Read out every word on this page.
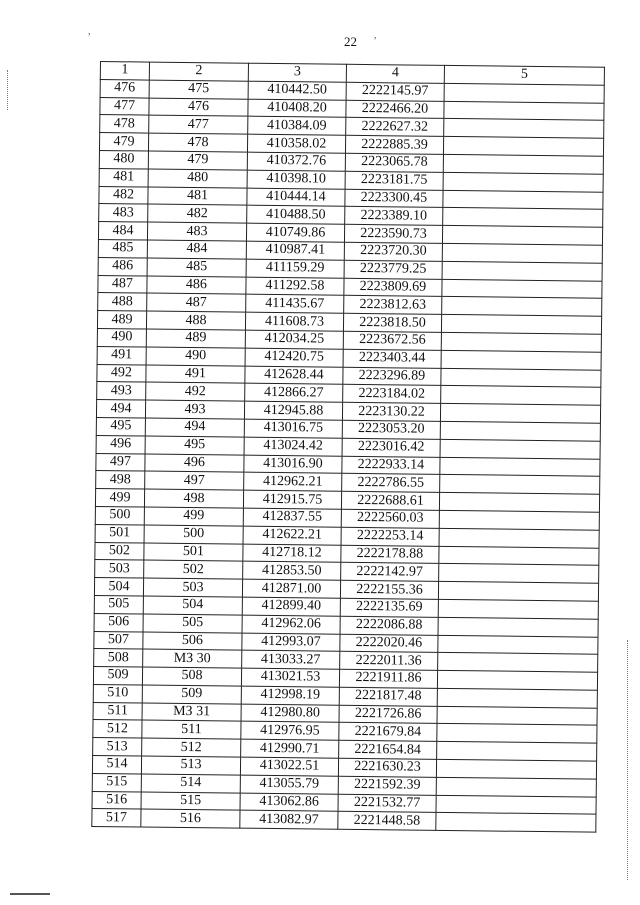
22
,	,
1	2	3	4	5
476	475	410442.50	2222145.97	
477	476	410408.20	2222466.20	
478	477	410384.09	2222627.32	
479	478	410358.02	2222885.39	
480	479	410372.76	2223065.78	
481	480	410398.10	2223181.75	
482	481	410444.14	2223300.45	
483	482	410488.50	2223389.10	
484	483	410749.86	2223590.73	
485	484	410987.41	2223720.30	
486	485	411159.29	2223779.25	
487	486	411292.58	2223809.69	
488	487	411435.67	2223812.63	
489	488	411608.73	2223818.50	
490	489	412034.25	2223672.56	
491	490	412420.75	2223403.44	
492	491	412628.44	2223296.89	
493	492	412866.27	2223184.02	
494	493	412945.88	2223130.22	
495	494	413016.75	2223053.20	
496	495	413024.42	2223016.42	
497	496	413016.90	2222933.14	
498	497	412962.21	2222786.55	
499	498	412915.75	2222688.61	
500	499	412837.55	2222560.03	
501	500	412622.21	2222253.14	
502	501	412718.12	2222178.88	
503	502	412853.50	2222142.97	
504	503	412871.00	2222155.36	
505	504	412899.40	2222135.69	
506	505	412962.06	2222086.88	
507	506	412993.07	2222020.46	
508	МЗ 30	413033.27	2222011.36	
509	508	413021.53	2221911.86	
510	509	412998.19	2221817.48	
511	МЗ 31	412980.80	2221726.86	
512	511	412976.95	2221679.84	
513	512	412990.71	2221654.84	
514	513	413022.51	2221630.23	
515	514	413055.79	2221592.39	
516	515	413062.86	2221532.77	
517	516	413082.97	2221448.58	
